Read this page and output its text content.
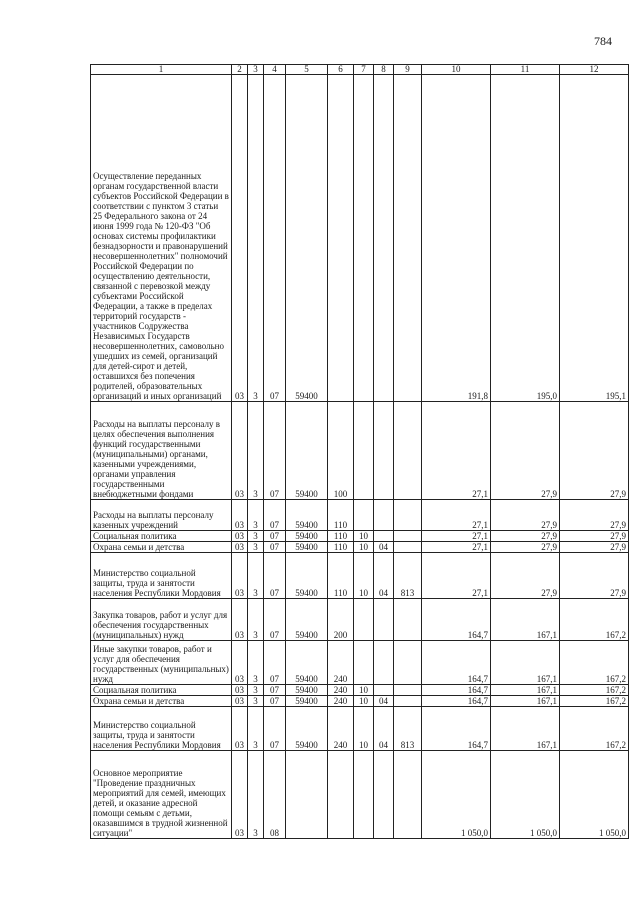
784
1	2	3	4	5	6	7	8	9	10	11	12
Осуществление переданных органам государственной власти субъектов Российской Федерации в соответствии с пунктом 3 статьи 25 Федерального закона от 24 июня 1999 года № 120-ФЗ "Об основах системы профилактики безнадзорности и правонарушений несовершеннолетних" полномочий Российской Федерации по осуществлению деятельности, связанной с перевозкой между субъектами Российской Федерации, а также в пределах территорий государств - участников Содружества Независимых Государств несовершеннолетних, самовольно ушедших из семей, организаций для детей-сирот и детей, оставшихся без попечения родителей, образовательных организаций и иных организаций	03	3	07	59400					191,8	195,0	195,1
Расходы на выплаты персоналу в целях обеспечения выполнения функций государственными (муниципальными) органами, казенными учреждениями, органами управления государственными внебюджетными фондами	03	3	07	59400	100				27,1	27,9	27,9
Расходы на выплаты персоналу казенных учреждений	03	3	07	59400	110				27,1	27,9	27,9
Социальная политика	03	3	07	59400	110	10			27,1	27,9	27,9
Охрана семьи и детства	03	3	07	59400	110	10	04		27,1	27,9	27,9
Министерство социальной защиты, труда и занятости населения Республики Мордовия	03	3	07	59400	110	10	04	813	27,1	27,9	27,9
Закупка товаров, работ и услуг для обеспечения государственных (муниципальных) нужд	03	3	07	59400	200				164,7	167,1	167,2
Иные закупки товаров, работ и услуг для обеспечения государственных (муниципальных) нужд	03	3	07	59400	240				164,7	167,1	167,2
Социальная политика	03	3	07	59400	240	10			164,7	167,1	167,2
Охрана семьи и детства	03	3	07	59400	240	10	04		164,7	167,1	167,2
Министерство социальной защиты, труда и занятости населения Республики Мордовия	03	3	07	59400	240	10	04	813	164,7	167,1	167,2
Основное мероприятие "Проведение праздничных мероприятий для семей, имеющих детей, и оказание адресной помощи семьям с детьми, оказавшимся в трудной жизненной ситуации"	03	3	08						1 050,0	1 050,0	1 050,0
